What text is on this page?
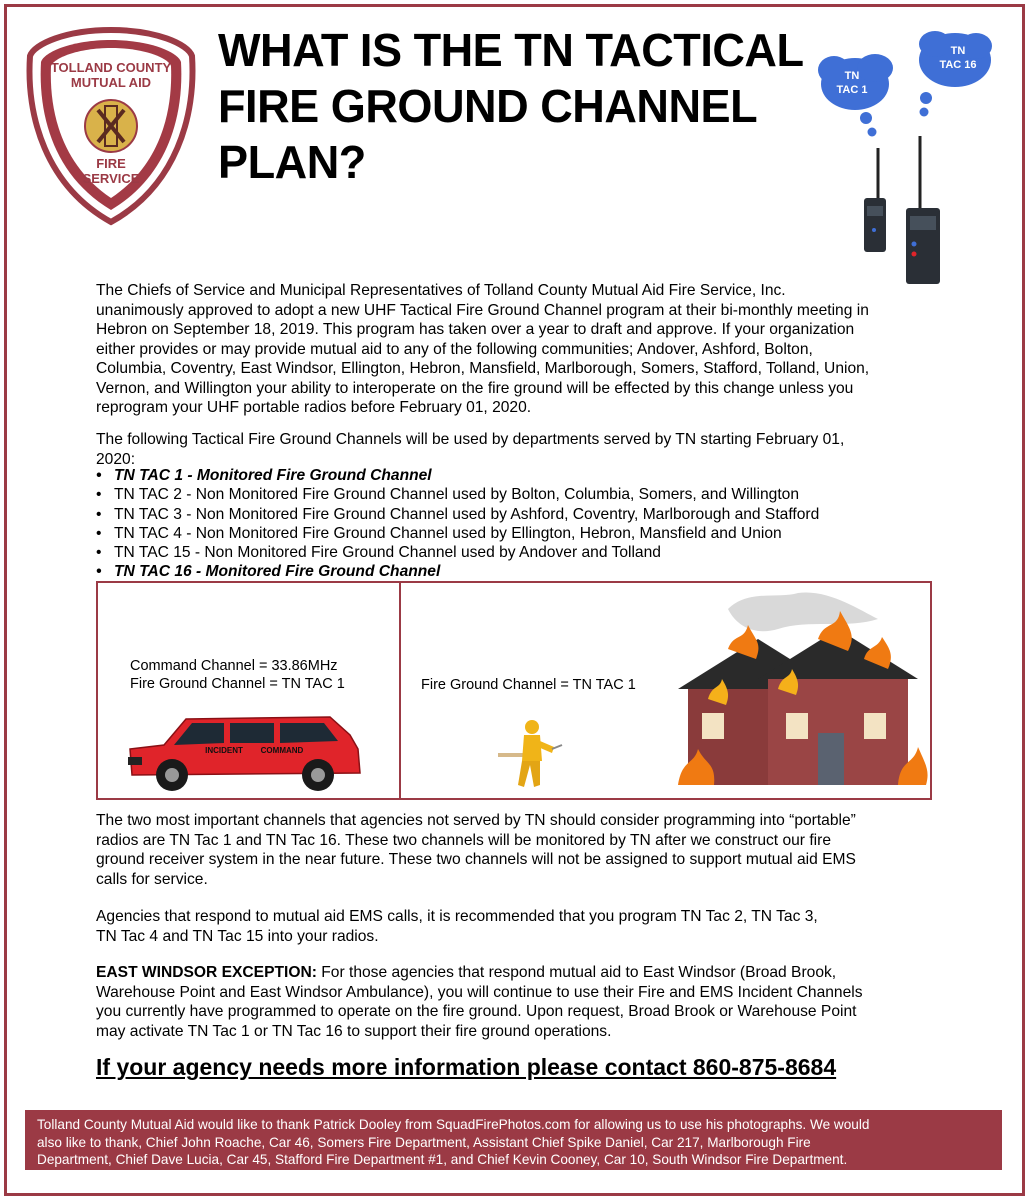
TOLLAND COUNTY
MUTUAL AID
FIRE
SERVICE
WHAT IS THE TN TACTICAL
FIRE GROUND CHANNEL
PLAN?
TN
TAC 1
TN
TAC 16
The Chiefs of Service and Municipal Representatives of Tolland County Mutual Aid Fire Service, Inc.
unanimously approved to adopt a new UHF Tactical Fire Ground Channel program at their bi-monthly meeting in
Hebron on September 18, 2019. This program has taken over a year to draft and approve. If your organization
either provides or may provide mutual aid to any of the following communities; Andover, Ashford, Bolton,
Columbia, Coventry, East Windsor, Ellington, Hebron, Mansfield, Marlborough, Somers, Stafford, Tolland, Union,
Vernon, and Willington your ability to interoperate on the fire ground will be effected by this change unless you
reprogram your UHF portable radios before February 01, 2020.
The following Tactical Fire Ground Channels will be used by departments served by TN starting February 01,
2020:
• TN TAC 1 - Monitored Fire Ground Channel
• TN TAC 2 - Non Monitored Fire Ground Channel used by Bolton, Columbia, Somers, and Willington
• TN TAC 3 - Non Monitored Fire Ground Channel used by Ashford, Coventry, Marlborough and Stafford
• TN TAC 4 - Non Monitored Fire Ground Channel used by Ellington, Hebron, Mansfield and Union
• TN TAC 15 - Non Monitored Fire Ground Channel used by Andover and Tolland
• TN TAC 16 - Monitored Fire Ground Channel
Command Channel = 33.86MHz
Fire Ground Channel = TN TAC 1
INCIDENT COMMAND
Fire Ground Channel = TN TAC 1
The two most important channels that agencies not served by TN should consider programming into “portable”
radios are TN Tac 1 and TN Tac 16. These two channels will be monitored by TN after we construct our fire
ground receiver system in the near future. These two channels will not be assigned to support mutual aid EMS
calls for service.
Agencies that respond to mutual aid EMS calls, it is recommended that you program TN Tac 2, TN Tac 3,
TN Tac 4 and TN Tac 15 into your radios.
EAST WINDSOR EXCEPTION: For those agencies that respond mutual aid to East Windsor (Broad Brook,
Warehouse Point and East Windsor Ambulance), you will continue to use their Fire and EMS Incident Channels
you currently have programmed to operate on the fire ground. Upon request, Broad Brook or Warehouse Point
may activate TN Tac 1 or TN Tac 16 to support their fire ground operations.
If your agency needs more information please contact 860-875-8684
Tolland County Mutual Aid would like to thank Patrick Dooley from SquadFirePhotos.com for allowing us to use his photographs. We would
also like to thank, Chief John Roache, Car 46, Somers Fire Department, Assistant Chief Spike Daniel, Car 217, Marlborough Fire
Department, Chief Dave Lucia, Car 45, Stafford Fire Department #1, and Chief Kevin Cooney, Car 10, South Windsor Fire Department.
